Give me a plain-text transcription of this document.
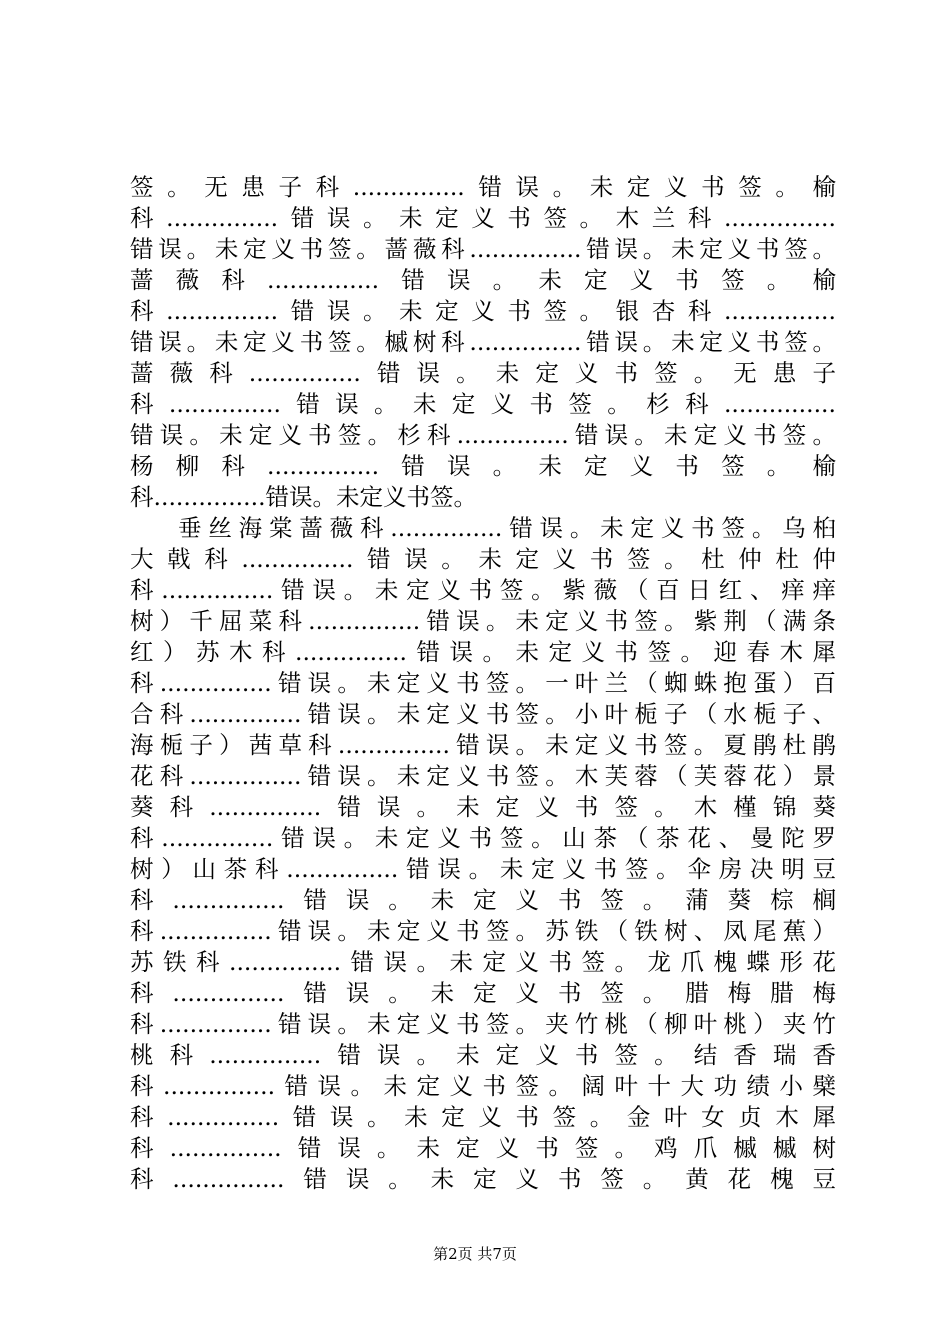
签。无患子科...............错误。未定义书签。榆
科...............错误。未定义书签。木兰科...............
错误。未定义书签。蔷薇科...............错误。未定义书签。
蔷薇科...............错误。未定义书签。榆
科...............错误。未定义书签。银杏科...............
错误。未定义书签。槭树科...............错误。未定义书签。
蔷薇科...............错误。未定义书签。无患子
科...............错误。未定义书签。杉科...............
错误。未定义书签。杉科...............错误。未定义书签。
杨柳科...............错误。未定义书签。榆
科...............错误。未定义书签。
垂丝海棠蔷薇科...............错误。未定义书签。乌桕
大戟科...............错误。未定义书签。杜仲杜仲
科...............错误。未定义书签。紫薇（百日红、痒痒
树）千屈菜科...............错误。未定义书签。紫荆（满条
红）苏木科...............错误。未定义书签。迎春木犀
科...............错误。未定义书签。一叶兰（蜘蛛抱蛋）百
合科...............错误。未定义书签。小叶栀子（水栀子、
海栀子）茜草科...............错误。未定义书签。夏鹃杜鹃
花科...............错误。未定义书签。木芙蓉（芙蓉花）景
葵科...............错误。未定义书签。木槿锦葵
科...............错误。未定义书签。山茶（茶花、曼陀罗
树）山茶科...............错误。未定义书签。伞房决明豆
科...............错误。未定义书签。蒲葵棕榈
科...............错误。未定义书签。苏铁（铁树、凤尾蕉）
苏铁科...............错误。未定义书签。龙爪槐蝶形花
科...............错误。未定义书签。腊梅腊梅
科...............错误。未定义书签。夹竹桃（柳叶桃）夹竹
桃科...............错误。未定义书签。结香瑞香
科...............错误。未定义书签。阔叶十大功绩小檗
科...............错误。未定义书签。金叶女贞木犀
科...............错误。未定义书签。鸡爪槭槭树
科...............错误。未定义书签。黄花槐豆
第2页 共7页
